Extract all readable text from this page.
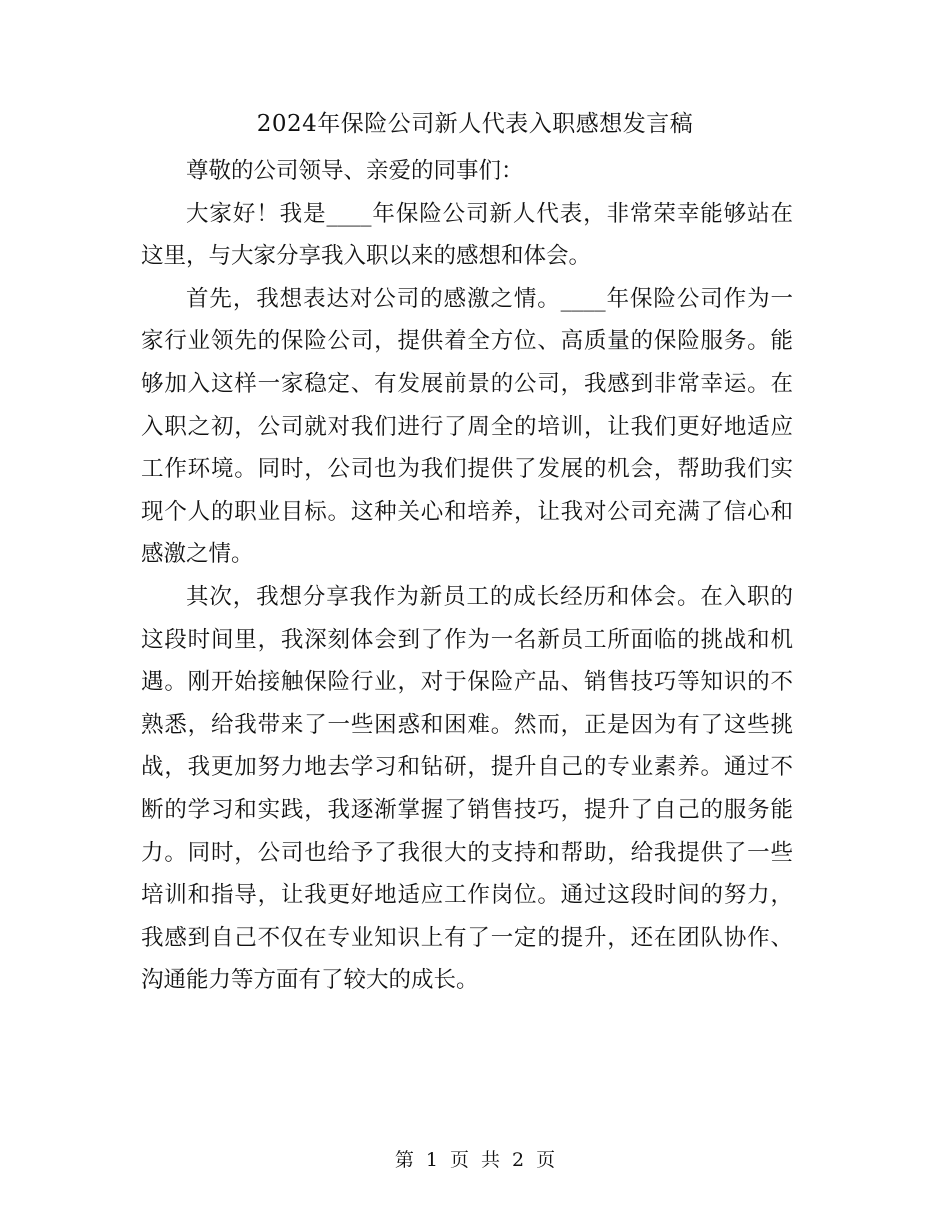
2024年保险公司新人代表入职感想发言稿

尊敬的公司领导、亲爱的同事们：

大家好！我是____年保险公司新人代表，非常荣幸能够站在这里，与大家分享我入职以来的感想和体会。

首先，我想表达对公司的感激之情。____年保险公司作为一家行业领先的保险公司，提供着全方位、高质量的保险服务。能够加入这样一家稳定、有发展前景的公司，我感到非常幸运。在入职之初，公司就对我们进行了周全的培训，让我们更好地适应工作环境。同时，公司也为我们提供了发展的机会，帮助我们实现个人的职业目标。这种关心和培养，让我对公司充满了信心和感激之情。

其次，我想分享我作为新员工的成长经历和体会。在入职的这段时间里，我深刻体会到了作为一名新员工所面临的挑战和机遇。刚开始接触保险行业，对于保险产品、销售技巧等知识的不熟悉，给我带来了一些困惑和困难。然而，正是因为有了这些挑战，我更加努力地去学习和钻研，提升自己的专业素养。通过不断的学习和实践，我逐渐掌握了销售技巧，提升了自己的服务能力。同时，公司也给予了我很大的支持和帮助，给我提供了一些培训和指导，让我更好地适应工作岗位。通过这段时间的努力，我感到自己不仅在专业知识上有了一定的提升，还在团队协作、沟通能力等方面有了较大的成长。

第 1 页 共 2 页
